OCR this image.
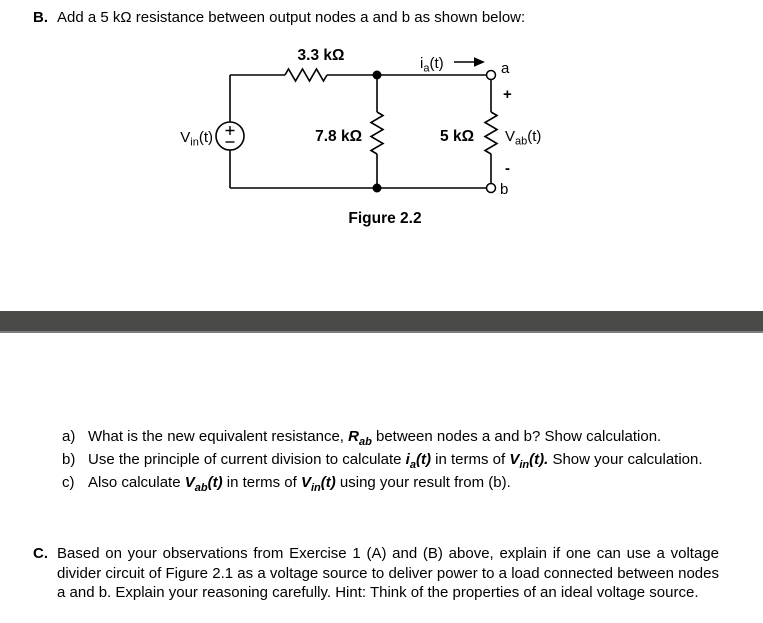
B. Add a 5 kΩ resistance between output nodes a and b as shown below:
3.3 kΩ	$i_a(t)$	a
+
$V_{in}(t)$	7.8 kΩ	5 kΩ $V_{ab}(t)$
-
b
Figure 2.2
a) What is the new equivalent resistance, $R_{ab}$ between nodes a and b? Show calculation.
b) Use the principle of current division to calculate $i_a(t)$ in terms of $V_{in}(t)$. Show your calculation.
c) Also calculate $V_{ab}(t)$ in terms of $V_{in}(t)$ using your result from (b).
C. Based on your observations from Exercise 1 (A) and (B) above, explain if one can use a voltage divider circuit of Figure 2.1 as a voltage source to deliver power to a load connected between nodes a and b. Explain your reasoning carefully. Hint: Think of the properties of an ideal voltage source.
